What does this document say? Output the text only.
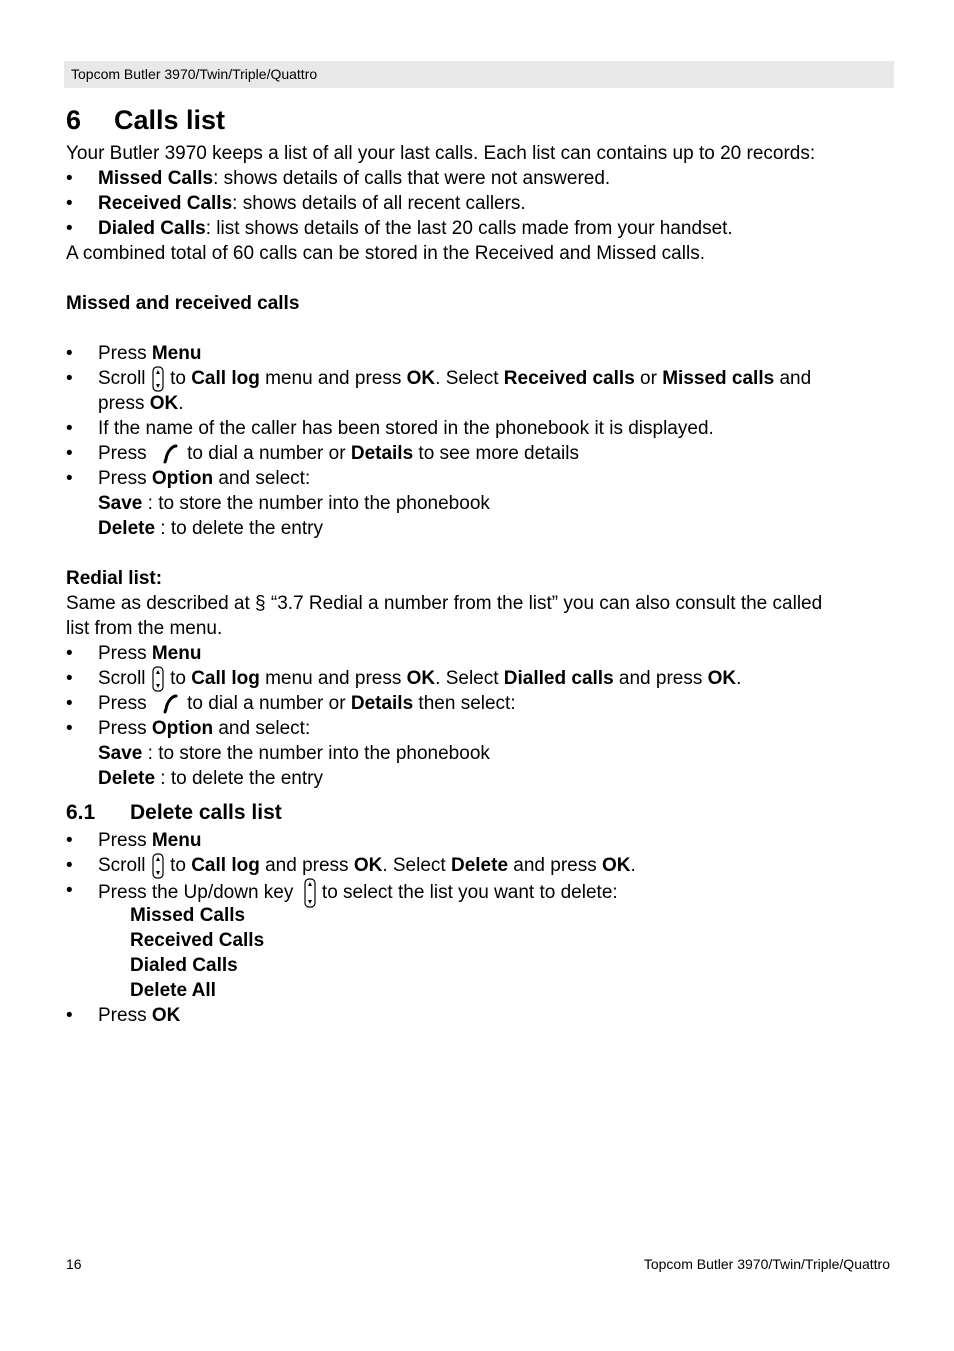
Topcom Butler 3970/Twin/Triple/Quattro
6 Calls list
Your Butler 3970 keeps a list of all your last calls. Each list can contains up to 20 records:
• Missed Calls: shows details of calls that were not answered.
• Received Calls: shows details of all recent callers.
• Dialed Calls: list shows details of the last 20 calls made from your handset.
A combined total of 60 calls can be stored in the Received and Missed calls.
Missed and received calls
• Press Menu
• Scroll  to Call log menu and press OK. Select Received calls or Missed calls and
press OK.
• If the name of the caller has been stored in the phonebook it is displayed.
• Press  to dial a number or Details to see more details
• Press Option and select:
Save : to store the number into the phonebook
Delete : to delete the entry
Redial list:
Same as described at § “3.7 Redial a number from the list” you can also consult the called
list from the menu.
• Press Menu
• Scroll  to Call log menu and press OK. Select Dialled calls and press OK.
• Press  to dial a number or Details then select:
• Press Option and select:
Save : to store the number into the phonebook
Delete : to delete the entry
6.1 Delete calls list
• Press Menu
• Scroll  to Call log and press OK. Select Delete and press OK.
• Press the Up/down key  to select the list you want to delete:
Missed Calls
Received Calls
Dialed Calls
Delete All
• Press OK
16	Topcom Butler 3970/Twin/Triple/Quattro
